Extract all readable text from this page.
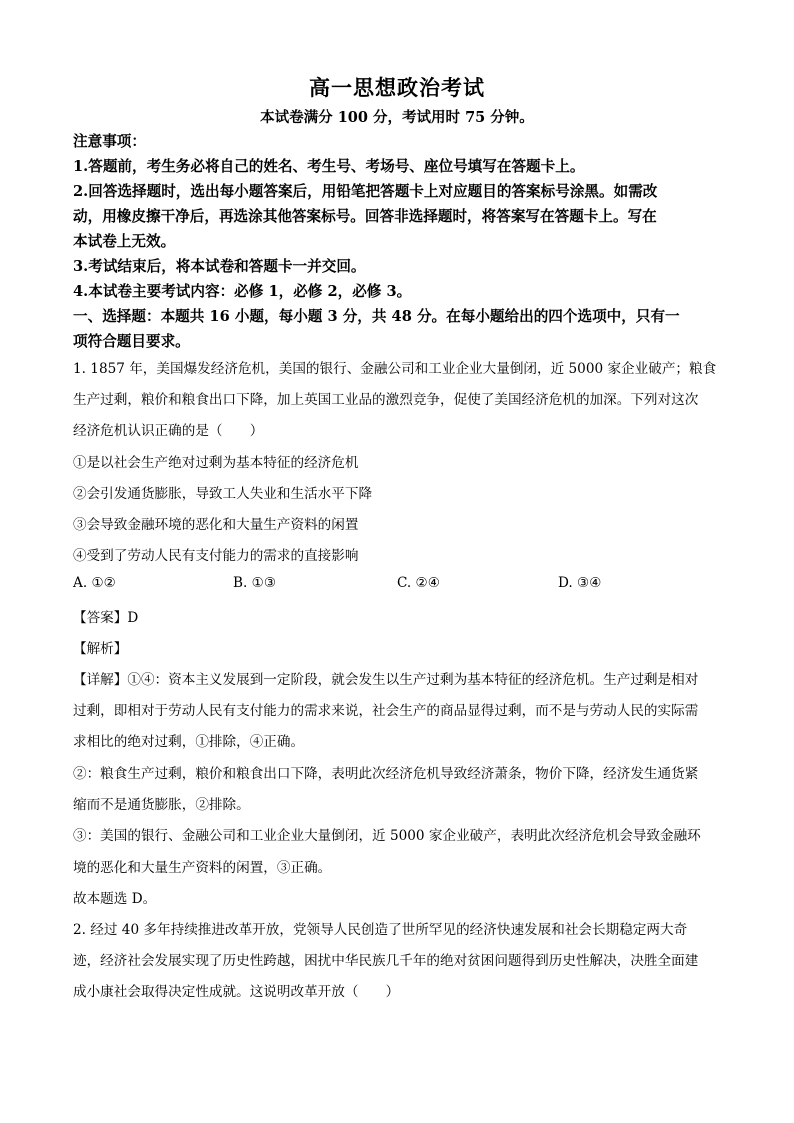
高一思想政治考试
本试卷满分 100 分，考试用时 75 分钟。
注意事项：
1.答题前，考生务必将自己的姓名、考生号、考场号、座位号填写在答题卡上。
2.回答选择题时，选出每小题答案后，用铅笔把答题卡上对应题目的答案标号涂黑。如需改
动，用橡皮擦干净后，再选涂其他答案标号。回答非选择题时，将答案写在答题卡上。写在
本试卷上无效。
3.考试结束后，将本试卷和答题卡一并交回。
4.本试卷主要考试内容：必修 1，必修 2，必修 3。
一、选择题：本题共 16 小题，每小题 3 分，共 48 分。在每小题给出的四个选项中，只有一
项符合题目要求。
1. 1857 年，美国爆发经济危机，美国的银行、金融公司和工业企业大量倒闭，近 5000 家企业破产；粮食
生产过剩，粮价和粮食出口下降，加上英国工业品的激烈竞争，促使了美国经济危机的加深。下列对这次
经济危机认识正确的是（　　）
①是以社会生产绝对过剩为基本特征的经济危机
②会引发通货膨胀，导致工人失业和生活水平下降
③会导致金融环境的恶化和大量生产资料的闲置
④受到了劳动人民有支付能力的需求的直接影响
A. ①②	B. ①③	C. ②④	D. ③④
【答案】D
【解析】
【详解】①④：资本主义发展到一定阶段，就会发生以生产过剩为基本特征的经济危机。生产过剩是相对
过剩，即相对于劳动人民有支付能力的需求来说，社会生产的商品显得过剩，而不是与劳动人民的实际需
求相比的绝对过剩，①排除，④正确。
②：粮食生产过剩，粮价和粮食出口下降，表明此次经济危机导致经济萧条，物价下降，经济发生通货紧
缩而不是通货膨胀，②排除。
③：美国的银行、金融公司和工业企业大量倒闭，近 5000 家企业破产，表明此次经济危机会导致金融环
境的恶化和大量生产资料的闲置，③正确。
故本题选 D。
2. 经过 40 多年持续推进改革开放，党领导人民创造了世所罕见的经济快速发展和社会长期稳定两大奇
迹，经济社会发展实现了历史性跨越，困扰中华民族几千年的绝对贫困问题得到历史性解决，决胜全面建
成小康社会取得决定性成就。这说明改革开放（　　）
